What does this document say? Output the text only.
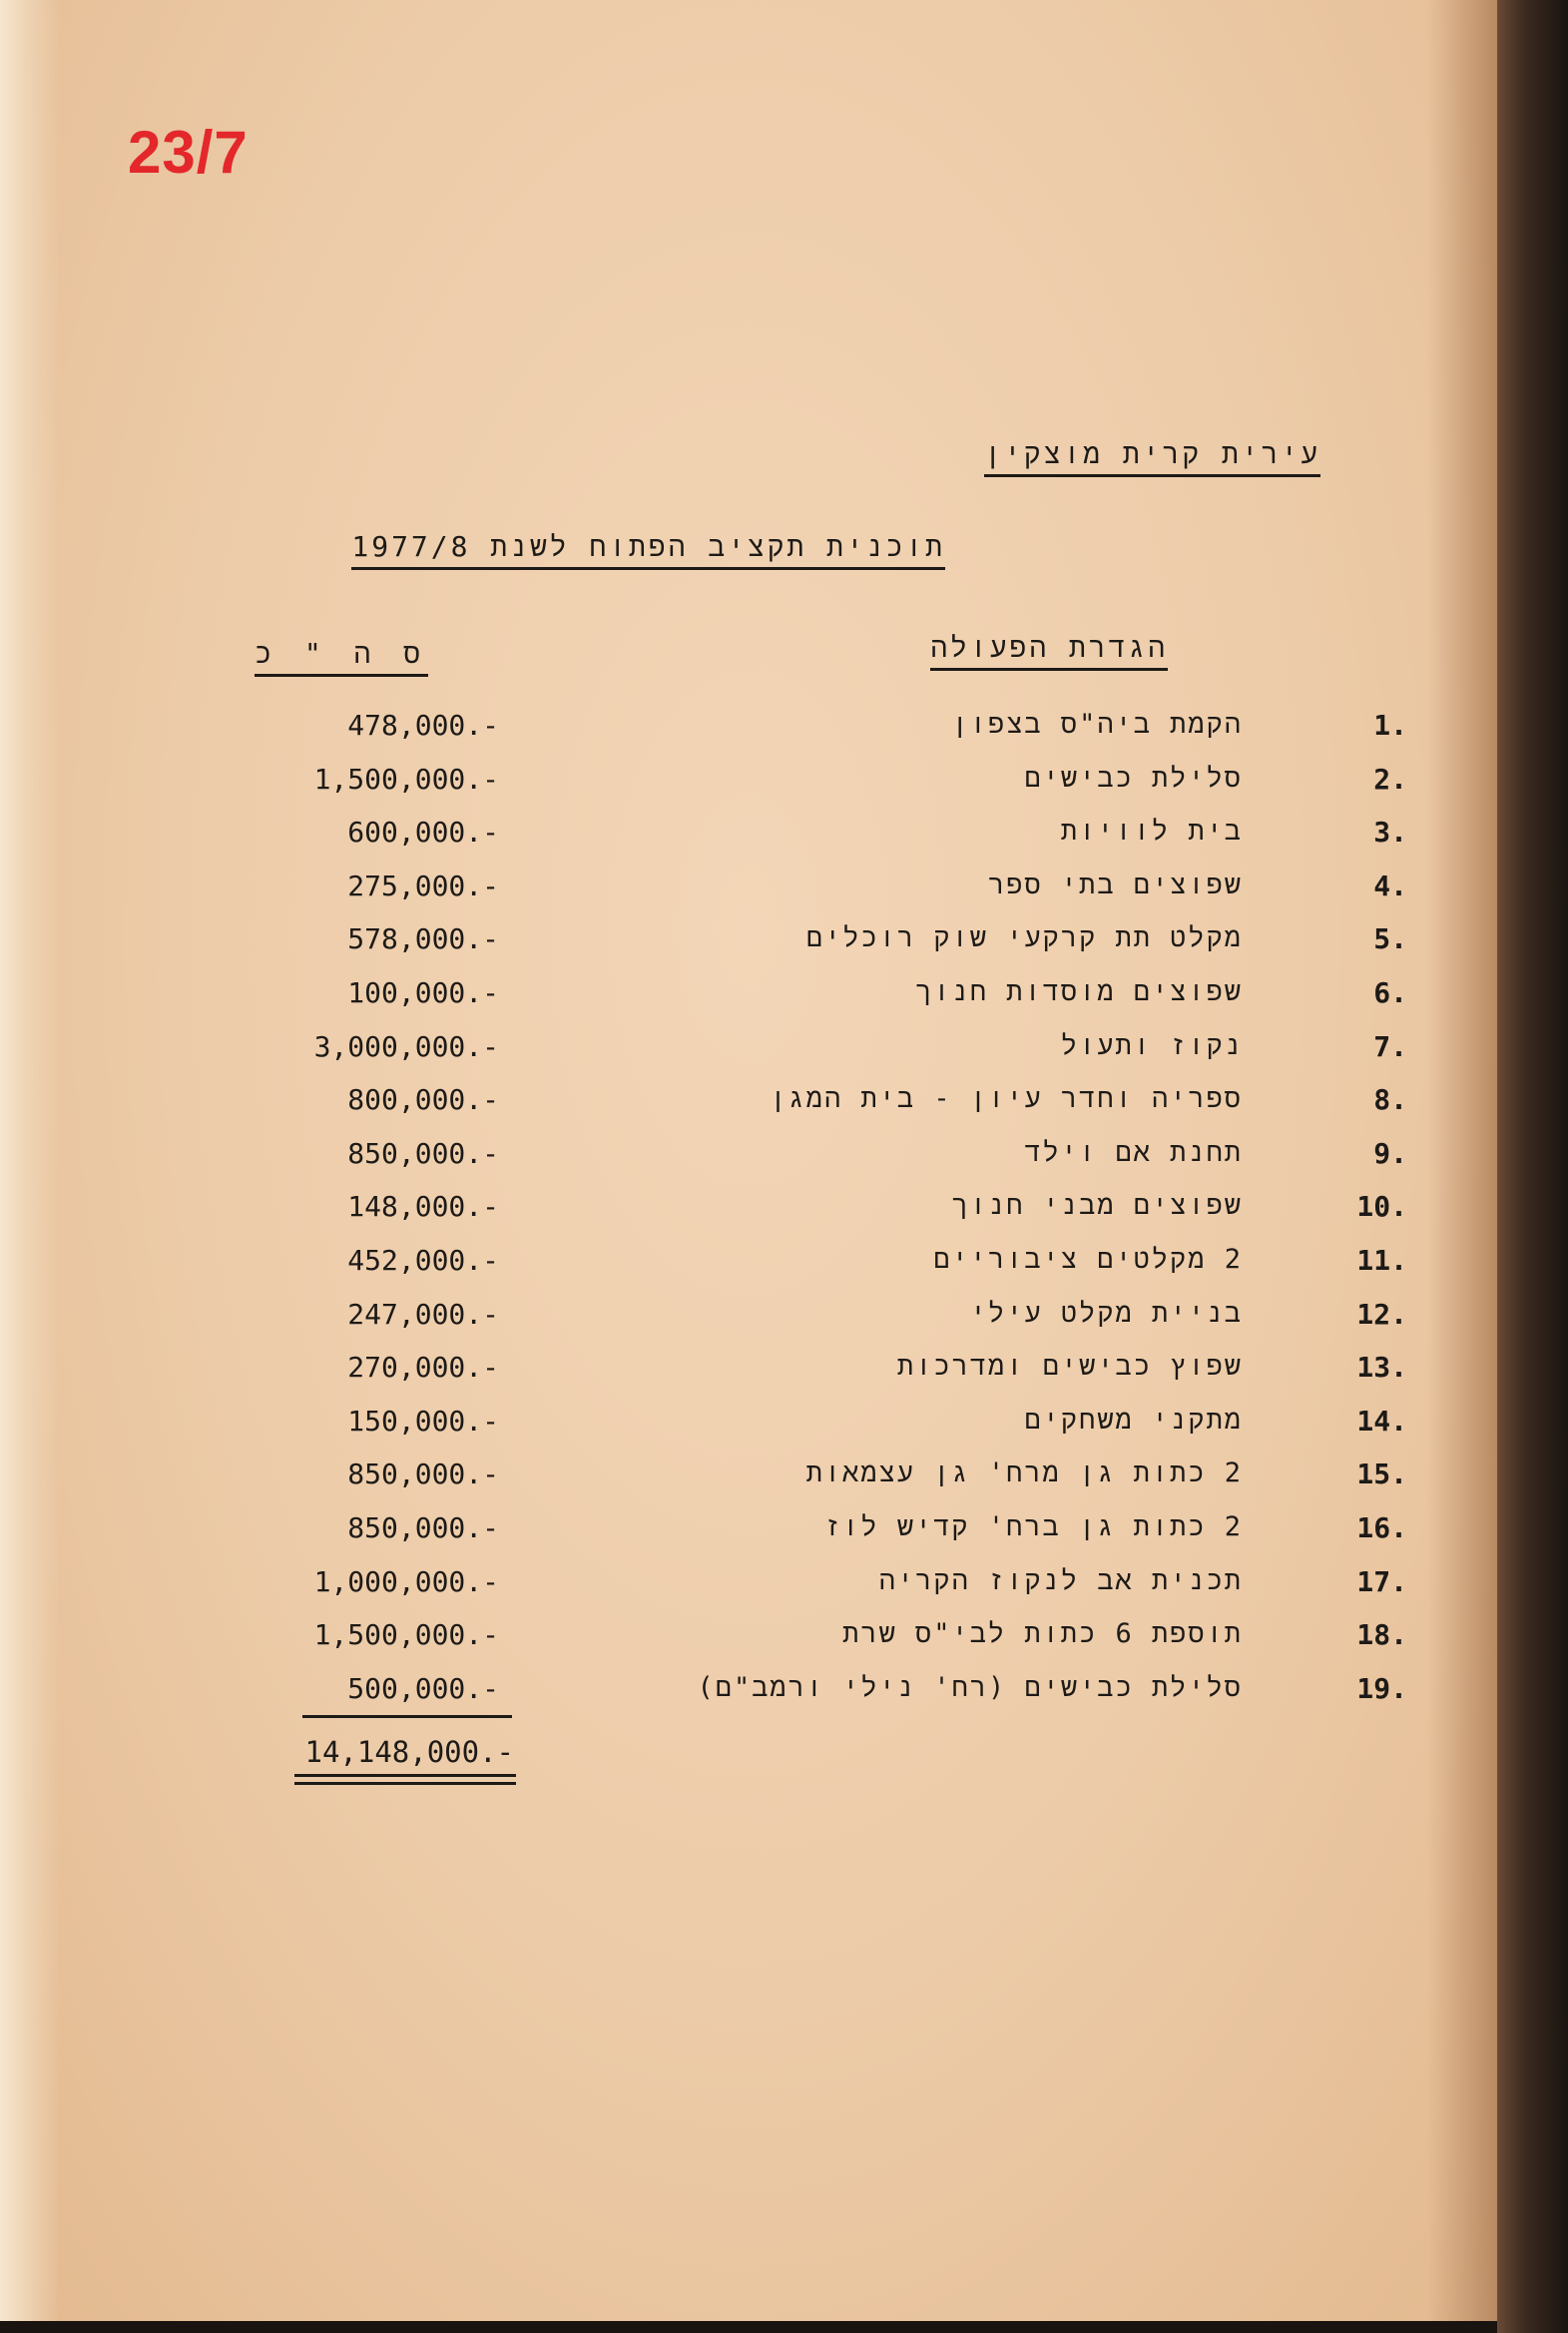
23/7
עירית קרית מוצקין
תוכנית תקציב הפתוח לשנת 1977/8
הגדרת הפעולה
ס ה " כ
1.
הקמת ביה"ס בצפון
478,000.-
2.
סלילת כבישים
1,500,000.-
3.
בית לוויות
600,000.-
4.
שפוצים בתי ספר
275,000.-
5.
מקלט תת קרקעי שוק רוכלים
578,000.-
6.
שפוצים מוסדות חנוך
100,000.-
7.
נקוז ותעול
3,000,000.-
8.
ספריה וחדר עיון - בית המגן
800,000.-
9.
תחנת אם וילד
850,000.-
10.
שפוצים מבני חנוך
148,000.-
11.
2 מקלטים ציבוריים
452,000.-
12.
בניית מקלט עילי
247,000.-
13.
שפוץ כבישים ומדרכות
270,000.-
14.
מתקני משחקים
150,000.-
15.
2 כתות גן מרח' גן עצמאות
850,000.-
16.
2 כתות גן ברח' קדיש לוז
850,000.-
17.
תכנית אב לנקוז הקריה
1,000,000.-
18.
תוספת 6 כתות לבי"ס שרת
1,500,000.-
19.
סלילת כבישים (רח' נילי ורמב"ם)
500,000.-
14,148,000.-
